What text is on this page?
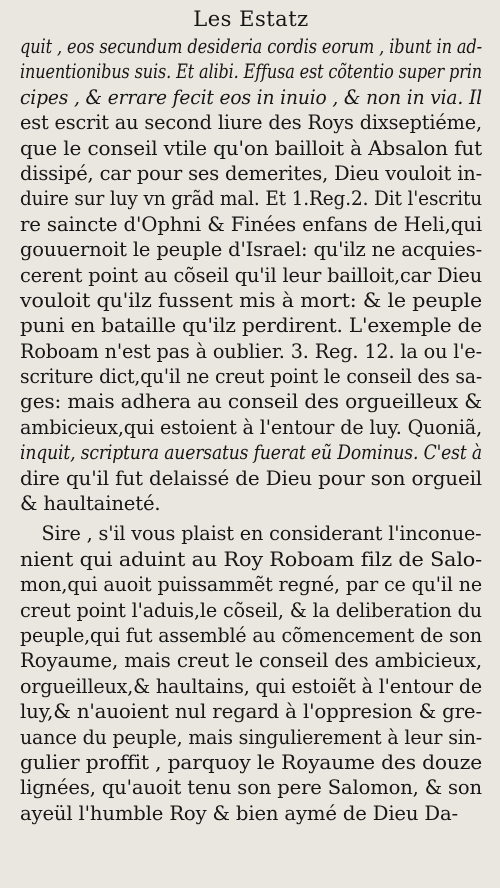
Les Estatz
quit , eos secundum desideria cordis eorum , ibunt in ad-
inuentionibus suis. Et alibi. Effusa est cõtentio super prin
cipes , & errare fecit eos in inuio , & non in via. Il
est escrit au second liure des Roys dixseptiéme,
que le conseil vtile qu'on bailloit à Absalon fut
dissipé, car pour ses demerites, Dieu vouloit in-
duire sur luy vn grãd mal. Et 1.Reg.2. Dit l'escritu
re saincte d'Ophni & Finées enfans de Heli,qui
gouuernoit le peuple d'Israel: qu'ilz ne acquies-
cerent point au cõseil qu'il leur bailloit,car Dieu
vouloit qu'ilz fussent mis à mort: & le peuple
puni en bataille qu'ilz perdirent. L'exemple de
Roboam n'est pas à oublier. 3. Reg. 12. la ou l'e-
scriture dict,qu'il ne creut point le conseil des sa-
ges: mais adhera au conseil des orgueilleux &
ambicieux,qui estoient à l'entour de luy. Quoniã,
inquit, scriptura auersatus fuerat eũ Dominus. C'est à
dire qu'il fut delaissé de Dieu pour son orgueil
& haultaineté.
Sire , s'il vous plaist en considerant l'inconue-
nient qui aduint au Roy Roboam filz de Salo-
mon,qui auoit puissammẽt regné, par ce qu'il ne
creut point l'aduis,le cõseil, & la deliberation du
peuple,qui fut assemblé au cõmencement de son
Royaume, mais creut le conseil des ambicieux,
orgueilleux,& haultains, qui estoiẽt à l'entour de
luy,& n'auoient nul regard à l'oppresion & gre-
uance du peuple, mais singulierement à leur sin-
gulier proffit , parquoy le Royaume des douze
lignées, qu'auoit tenu son pere Salomon, & son
ayeül l'humble Roy & bien aymé de Dieu Da-
